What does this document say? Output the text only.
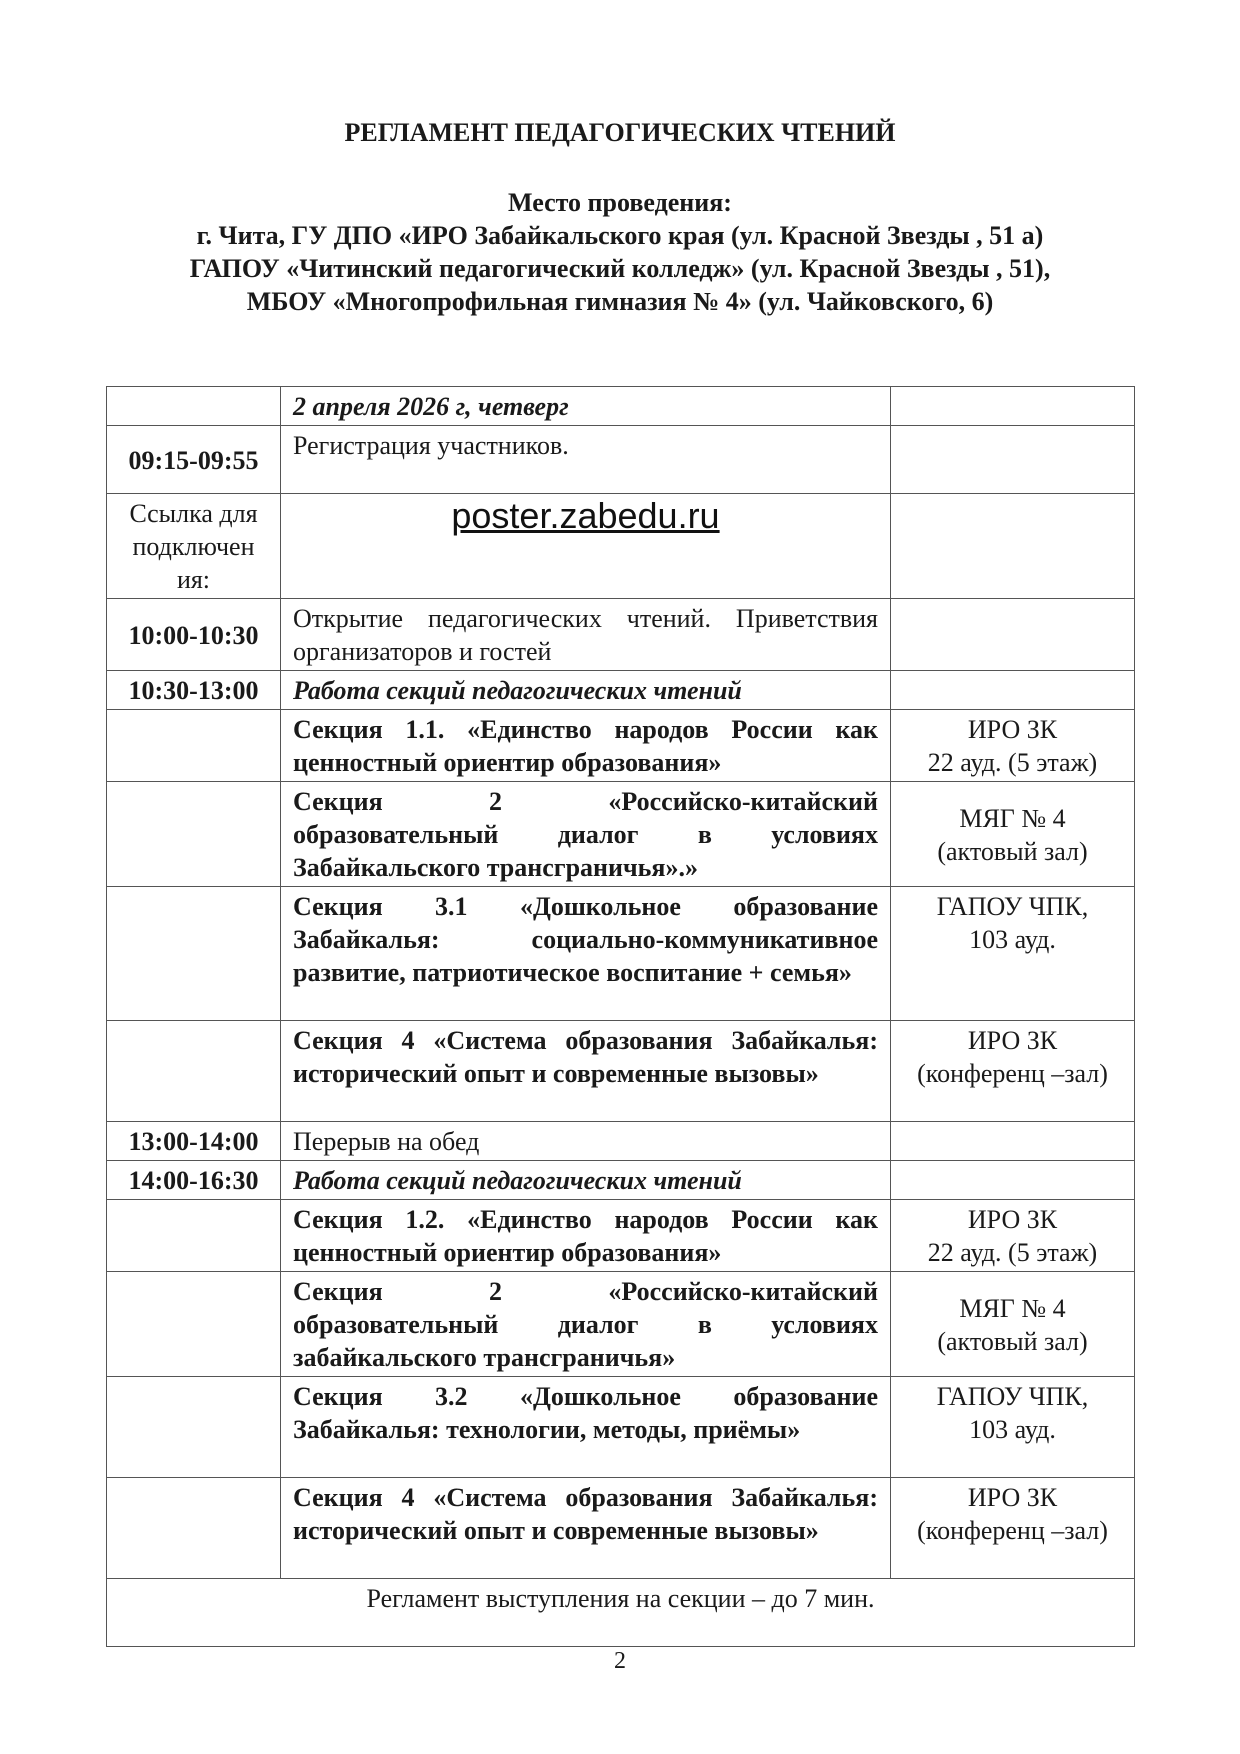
РЕГЛАМЕНТ ПЕДАГОГИЧЕСКИХ ЧТЕНИЙ
Место проведения:
г. Чита, ГУ ДПО «ИРО Забайкальского края (ул. Красной Звезды , 51 а)
ГАПОУ «Читинский педагогический колледж» (ул. Красной Звезды , 51),
МБОУ «Многопрофильная гимназия № 4» (ул. Чайковского, 6)
	2 апреля 2026 г, четверг	
09:15-09:55	Регистрация участников.	
Ссылка для подключен ия:	poster.zabedu.ru	

10:00-10:30	Открытие педагогических чтений. Приветствия организаторов и гостей	
10:30-13:00	Работа секций педагогических чтений	
	Секция 1.1. «Единство народов России как ценностный ориентир образования»	ИРО ЗК
22 ауд. (5 этаж)

	Секция 2 «Российско-китайский образовательный диалог в условиях Забайкальского трансграничья».»	МЯГ № 4
(актовый зал)

	Секция 3.1 «Дошкольное образование Забайкалья: социально-коммуникативное развитие, патриотическое воспитание + семья»	ГАПОУ ЧПК,
103 ауд.

	Секция 4 «Система образования Забайкалья: исторический опыт и современные вызовы»	ИРО ЗК
(конференц –зал)

13:00-14:00	Перерыв на обед	
14:00-16:30	Работа секций педагогических чтений	
	Секция 1.2. «Единство народов России как ценностный ориентир образования»	ИРО ЗК
22 ауд. (5 этаж)

	Секция 2 «Российско-китайский образовательный диалог в условиях забайкальского трансграничья»	МЯГ № 4
(актовый зал)

	Секция 3.2 «Дошкольное образование Забайкалья: технологии, методы, приёмы»	ГАПОУ ЧПК,
103 ауд.

	Секция 4 «Система образования Забайкалья: исторический опыт и современные вызовы»	ИРО ЗК
(конференц –зал)

Регламент выступления на секции – до 7 мин.		
2
